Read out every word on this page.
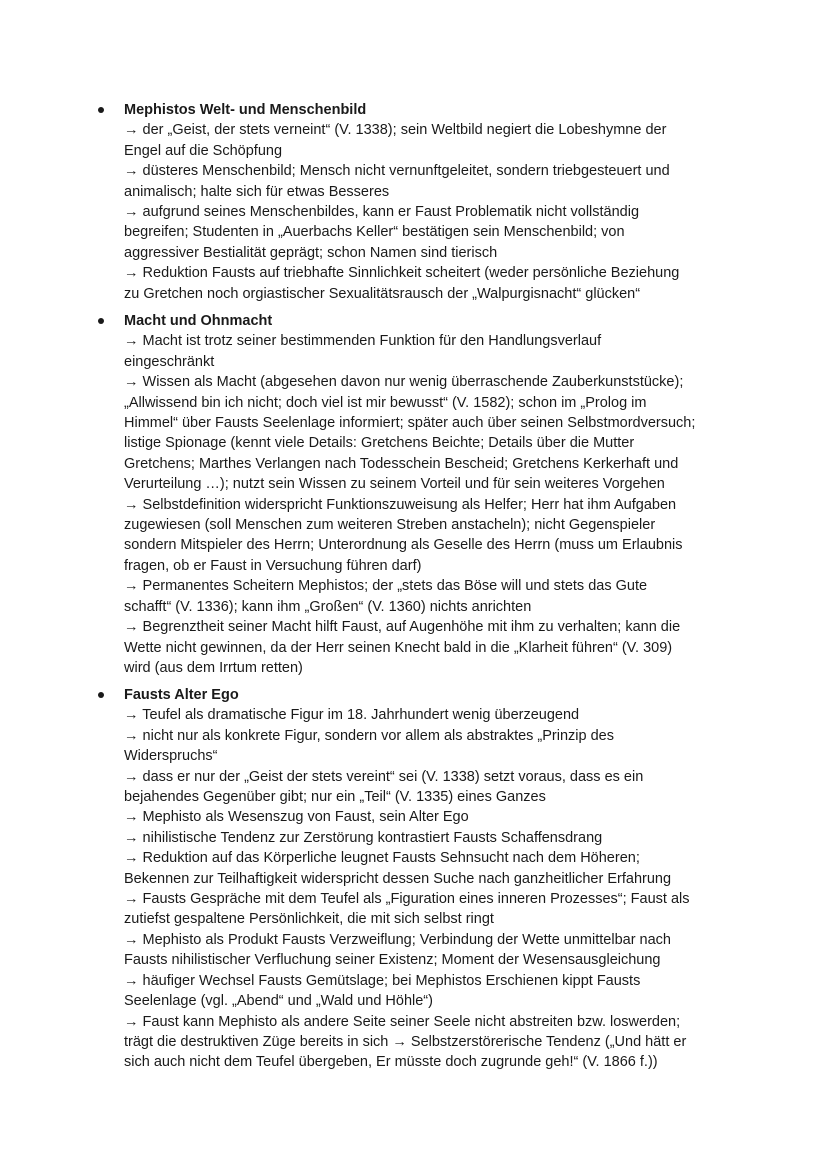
Mephistos Welt- und Menschenbild
→ der „Geist, der stets verneint“ (V. 1338); sein Weltbild negiert die Lobeshymne der
Engel auf die Schöpfung
→ düsteres Menschenbild; Mensch nicht vernunftgeleitet, sondern triebgesteuert und
animalisch; halte sich für etwas Besseres
→ aufgrund seines Menschenbildes, kann er Faust Problematik nicht vollständig
begreifen; Studenten in „Auerbachs Keller“ bestätigen sein Menschenbild; von
aggressiver Bestialität geprägt; schon Namen sind tierisch
→ Reduktion Fausts auf triebhafte Sinnlichkeit scheitert (weder persönliche Beziehung
zu Gretchen noch orgiastischer Sexualitätsrausch der „Walpurgisnacht“ glücken“
Macht und Ohnmacht
→ Macht ist trotz seiner bestimmenden Funktion für den Handlungsverlauf
eingeschränkt
→ Wissen als Macht (abgesehen davon nur wenig überraschende Zauberkunststücke);
„Allwissend bin ich nicht; doch viel ist mir bewusst“ (V. 1582); schon im „Prolog im
Himmel“ über Fausts Seelenlage informiert; später auch über seinen Selbstmordversuch;
listige Spionage (kennt viele Details: Gretchens Beichte; Details über die Mutter
Gretchens; Marthes Verlangen nach Todesschein Bescheid; Gretchens Kerkerhaft und
Verurteilung …); nutzt sein Wissen zu seinem Vorteil und für sein weiteres Vorgehen
→ Selbstdefinition widerspricht Funktionszuweisung als Helfer; Herr hat ihm Aufgaben
zugewiesen (soll Menschen zum weiteren Streben anstacheln); nicht Gegenspieler
sondern Mitspieler des Herrn; Unterordnung als Geselle des Herrn (muss um Erlaubnis
fragen, ob er Faust in Versuchung führen darf)
→ Permanentes Scheitern Mephistos; der „stets das Böse will und stets das Gute
schafft“ (V. 1336); kann ihm „Großen“ (V. 1360) nichts anrichten
→ Begrenztheit seiner Macht hilft Faust, auf Augenhöhe mit ihm zu verhalten; kann die
Wette nicht gewinnen, da der Herr seinen Knecht bald in die „Klarheit führen“ (V. 309)
wird (aus dem Irrtum retten)
Fausts Alter Ego
→ Teufel als dramatische Figur im 18. Jahrhundert wenig überzeugend
→ nicht nur als konkrete Figur, sondern vor allem als abstraktes „Prinzip des
Widerspruchs“
→ dass er nur der „Geist der stets vereint“ sei (V. 1338) setzt voraus, dass es ein
bejahendes Gegenüber gibt; nur ein „Teil“ (V. 1335) eines Ganzes
→ Mephisto als Wesenszug von Faust, sein Alter Ego
→ nihilistische Tendenz zur Zerstörung kontrastiert Fausts Schaffensdrang
→ Reduktion auf das Körperliche leugnet Fausts Sehnsucht nach dem Höheren;
Bekennen zur Teilhaftigkeit widerspricht dessen Suche nach ganzheitlicher Erfahrung
→ Fausts Gespräche mit dem Teufel als „Figuration eines inneren Prozesses“; Faust als
zutiefst gespaltene Persönlichkeit, die mit sich selbst ringt
→ Mephisto als Produkt Fausts Verzweiflung; Verbindung der Wette unmittelbar nach
Fausts nihilistischer Verfluchung seiner Existenz; Moment der Wesensausgleichung
→ häufiger Wechsel Fausts Gemütslage; bei Mephistos Erschienen kippt Fausts
Seelenlage (vgl. „Abend“ und „Wald und Höhle“)
→ Faust kann Mephisto als andere Seite seiner Seele nicht abstreiten bzw. loswerden;
trägt die destruktiven Züge bereits in sich → Selbstzerstörerische Tendenz („Und hätt er
sich auch nicht dem Teufel übergeben, Er müsste doch zugrunde geh!“ (V. 1866 f.))
